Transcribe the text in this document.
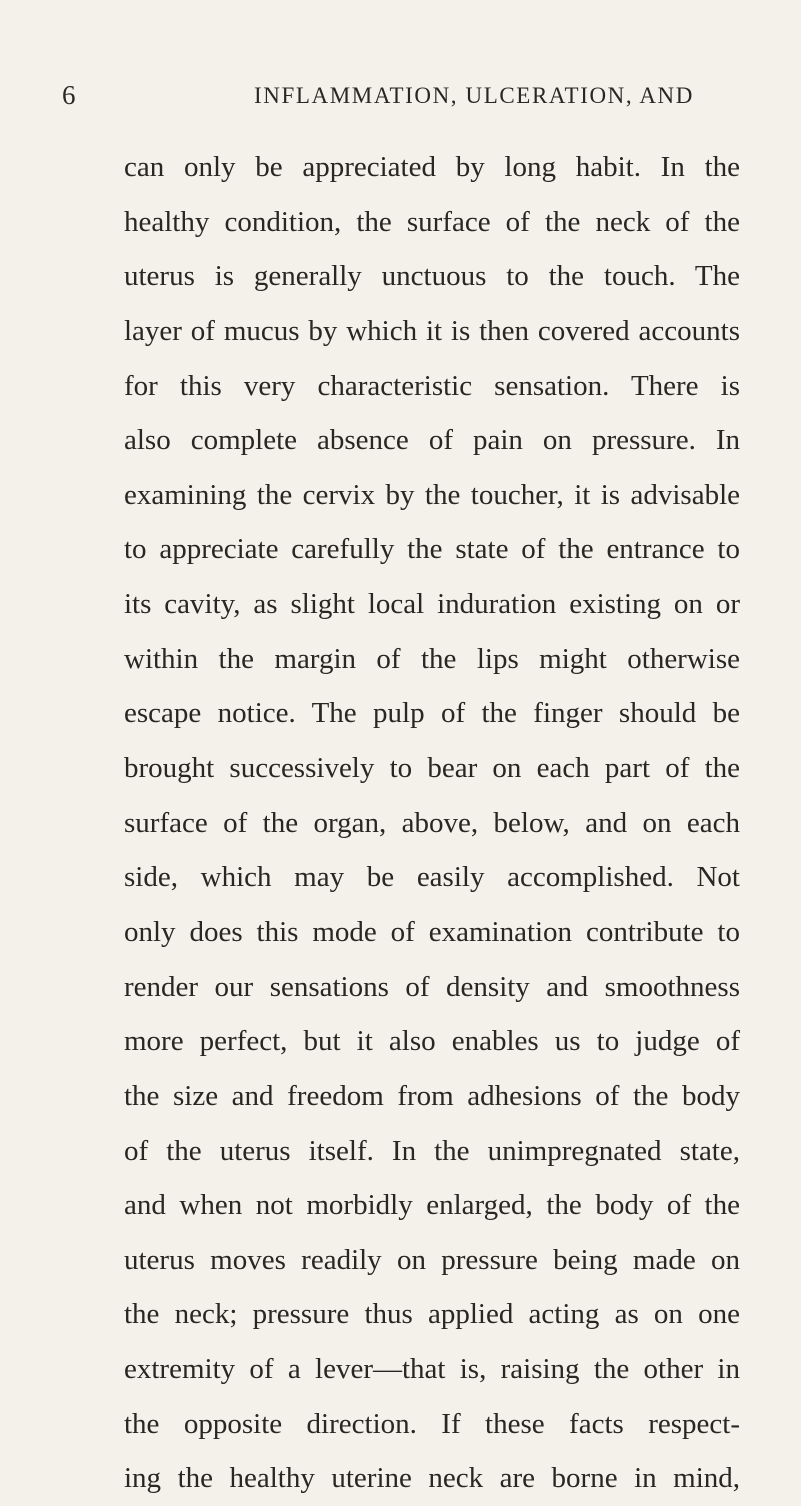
6	INFLAMMATION, ULCERATION, AND
can only be appreciated by long habit. In the
healthy condition, the surface of the neck of the
uterus is generally unctuous to the touch. The
layer of mucus by which it is then covered accounts
for this very characteristic sensation. There is
also complete absence of pain on pressure. In
examining the cervix by the toucher, it is advisable
to appreciate carefully the state of the entrance to
its cavity, as slight local induration existing on or
within the margin of the lips might otherwise
escape notice. The pulp of the finger should be
brought successively to bear on each part of the
surface of the organ, above, below, and on each
side, which may be easily accomplished. Not
only does this mode of examination contribute to
render our sensations of density and smoothness
more perfect, but it also enables us to judge of
the size and freedom from adhesions of the body
of the uterus itself. In the unimpregnated state,
and when not morbidly enlarged, the body of the
uterus moves readily on pressure being made on
the neck; pressure thus applied acting as on one
extremity of a lever—that is, raising the other in
the opposite direction. If these facts respect-
ing the healthy uterine neck are borne in mind,
